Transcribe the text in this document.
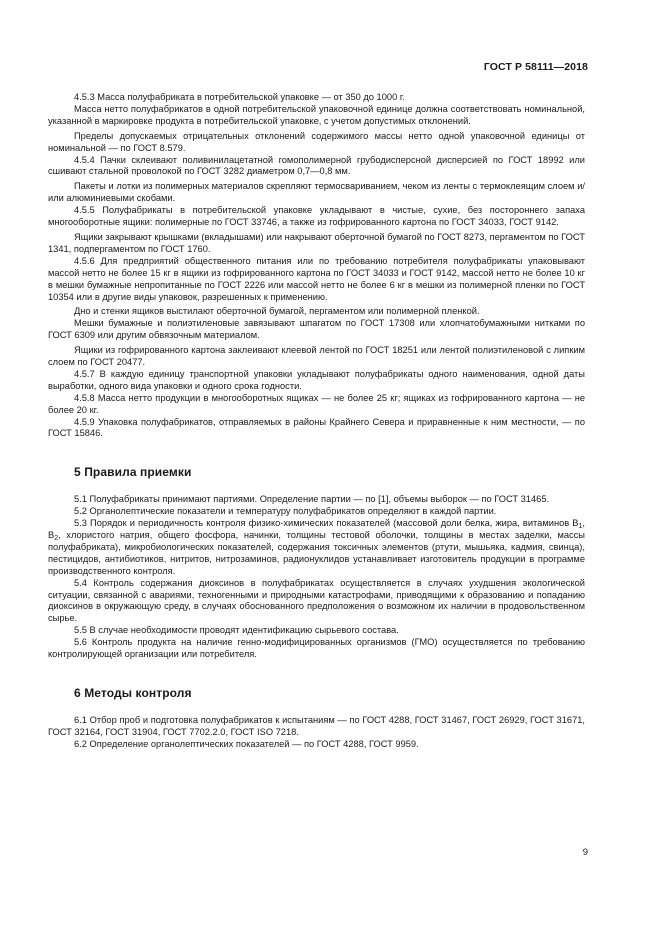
ГОСТ Р 58111—2018

4.5.3 Масса полуфабриката в потребительской упаковке — от 350 до 1000 г.

Масса нетто полуфабрикатов в одной потребительской упаковочной единице должна соответствовать номинальной, указанной в маркировке продукта в потребительской упаковке, с учетом допустимых отклонений.

Пределы допускаемых отрицательных отклонений содержимого массы нетто одной упаковочной единицы от номинальной — по ГОСТ 8.579.

4.5.4 Пачки склеивают поливинилацетатной гомополимерной грубодисперсной дисперсией по ГОСТ 18992 или сшивают стальной проволокой по ГОСТ 3282 диаметром 0,7—0,8 мм.

Пакеты и лотки из полимерных материалов скрепляют термосвариванием, чеком из ленты с термоклеящим слоем и/или алюминиевыми скобами.

4.5.5 Полуфабрикаты в потребительской упаковке укладывают в чистые, сухие, без постороннего запаха многооборотные ящики: полимерные по ГОСТ 33746, а также из гофрированного картона по ГОСТ 34033, ГОСТ 9142.

Ящики закрывают крышками (вкладышами) или накрывают оберточной бумагой по ГОСТ 8273, пергаментом по ГОСТ 1341, подпергаментом по ГОСТ 1760.

4.5.6 Для предприятий общественного питания или по требованию потребителя полуфабрикаты упаковывают массой нетто не более 15 кг в ящики из гофрированного картона по ГОСТ 34033 и ГОСТ 9142, массой нетто не более 10 кг в мешки бумажные непропитанные по ГОСТ 2226 или массой нетто не более 6 кг в мешки из полимерной пленки по ГОСТ 10354 или в другие виды упаковок, разрешенных к применению.

Дно и стенки ящиков выстилают оберточной бумагой, пергаментом или полимерной пленкой.

Мешки бумажные и полиэтиленовые завязывают шпагатом по ГОСТ 17308 или хлопчатобумажными нитками по ГОСТ 6309 или другим обвязочным материалом.

Ящики из гофрированного картона заклеивают клеевой лентой по ГОСТ 18251 или лентой полиэтиленовой с липким слоем по ГОСТ 20477.

4.5.7 В каждую единицу транспортной упаковки укладывают полуфабрикаты одного наименования, одной даты выработки, одного вида упаковки и одного срока годности.

4.5.8 Масса нетто продукции в многооборотных ящиках — не более 25 кг; ящиках из гофрированного картона — не более 20 кг.

4.5.9 Упаковка полуфабрикатов, отправляемых в районы Крайнего Севера и приравненные к ним местности, — по ГОСТ 15846.

5 Правила приемки

5.1 Полуфабрикаты принимают партиями. Определение партии — по [1], объемы выборок — по ГОСТ 31465.

5.2 Органолептические показатели и температуру полуфабрикатов определяют в каждой партии.

5.3 Порядок и периодичность контроля физико-химических показателей (массовой доли белка, жира, витаминов $B_1$, $B_2$, хлористого натрия, общего фосфора, начинки, толщины тестовой оболочки, толщины в местах заделки, массы полуфабриката), микробиологических показателей, содержания токсичных элементов (ртути, мышьяка, кадмия, свинца), пестицидов, антибиотиков, нитритов, нитрозаминов, радионуклидов устанавливает изготовитель продукции в программе производственного контроля.

5.4 Контроль содержания диоксинов в полуфабрикатах осуществляется в случаях ухудшения экологической ситуации, связанной с авариями, техногенными и природными катастрофами, приводящими к образованию и попаданию диоксинов в окружающую среду, в случаях обоснованного предположения о возможном их наличии в продовольственном сырье.

5.5 В случае необходимости проводят идентификацию сырьевого состава.

5.6 Контроль продукта на наличие генно-модифицированных организмов (ГМО) осуществляется по требованию контролирующей организации или потребителя.

6 Методы контроля

6.1 Отбор проб и подготовка полуфабрикатов к испытаниям — по ГОСТ 4288, ГОСТ 31467, ГОСТ 26929, ГОСТ 31671, ГОСТ 32164, ГОСТ 31904, ГОСТ 7702.2.0, ГОСТ ISO 7218.

6.2 Определение органолептических показателей — по ГОСТ 4288, ГОСТ 9959.

9
